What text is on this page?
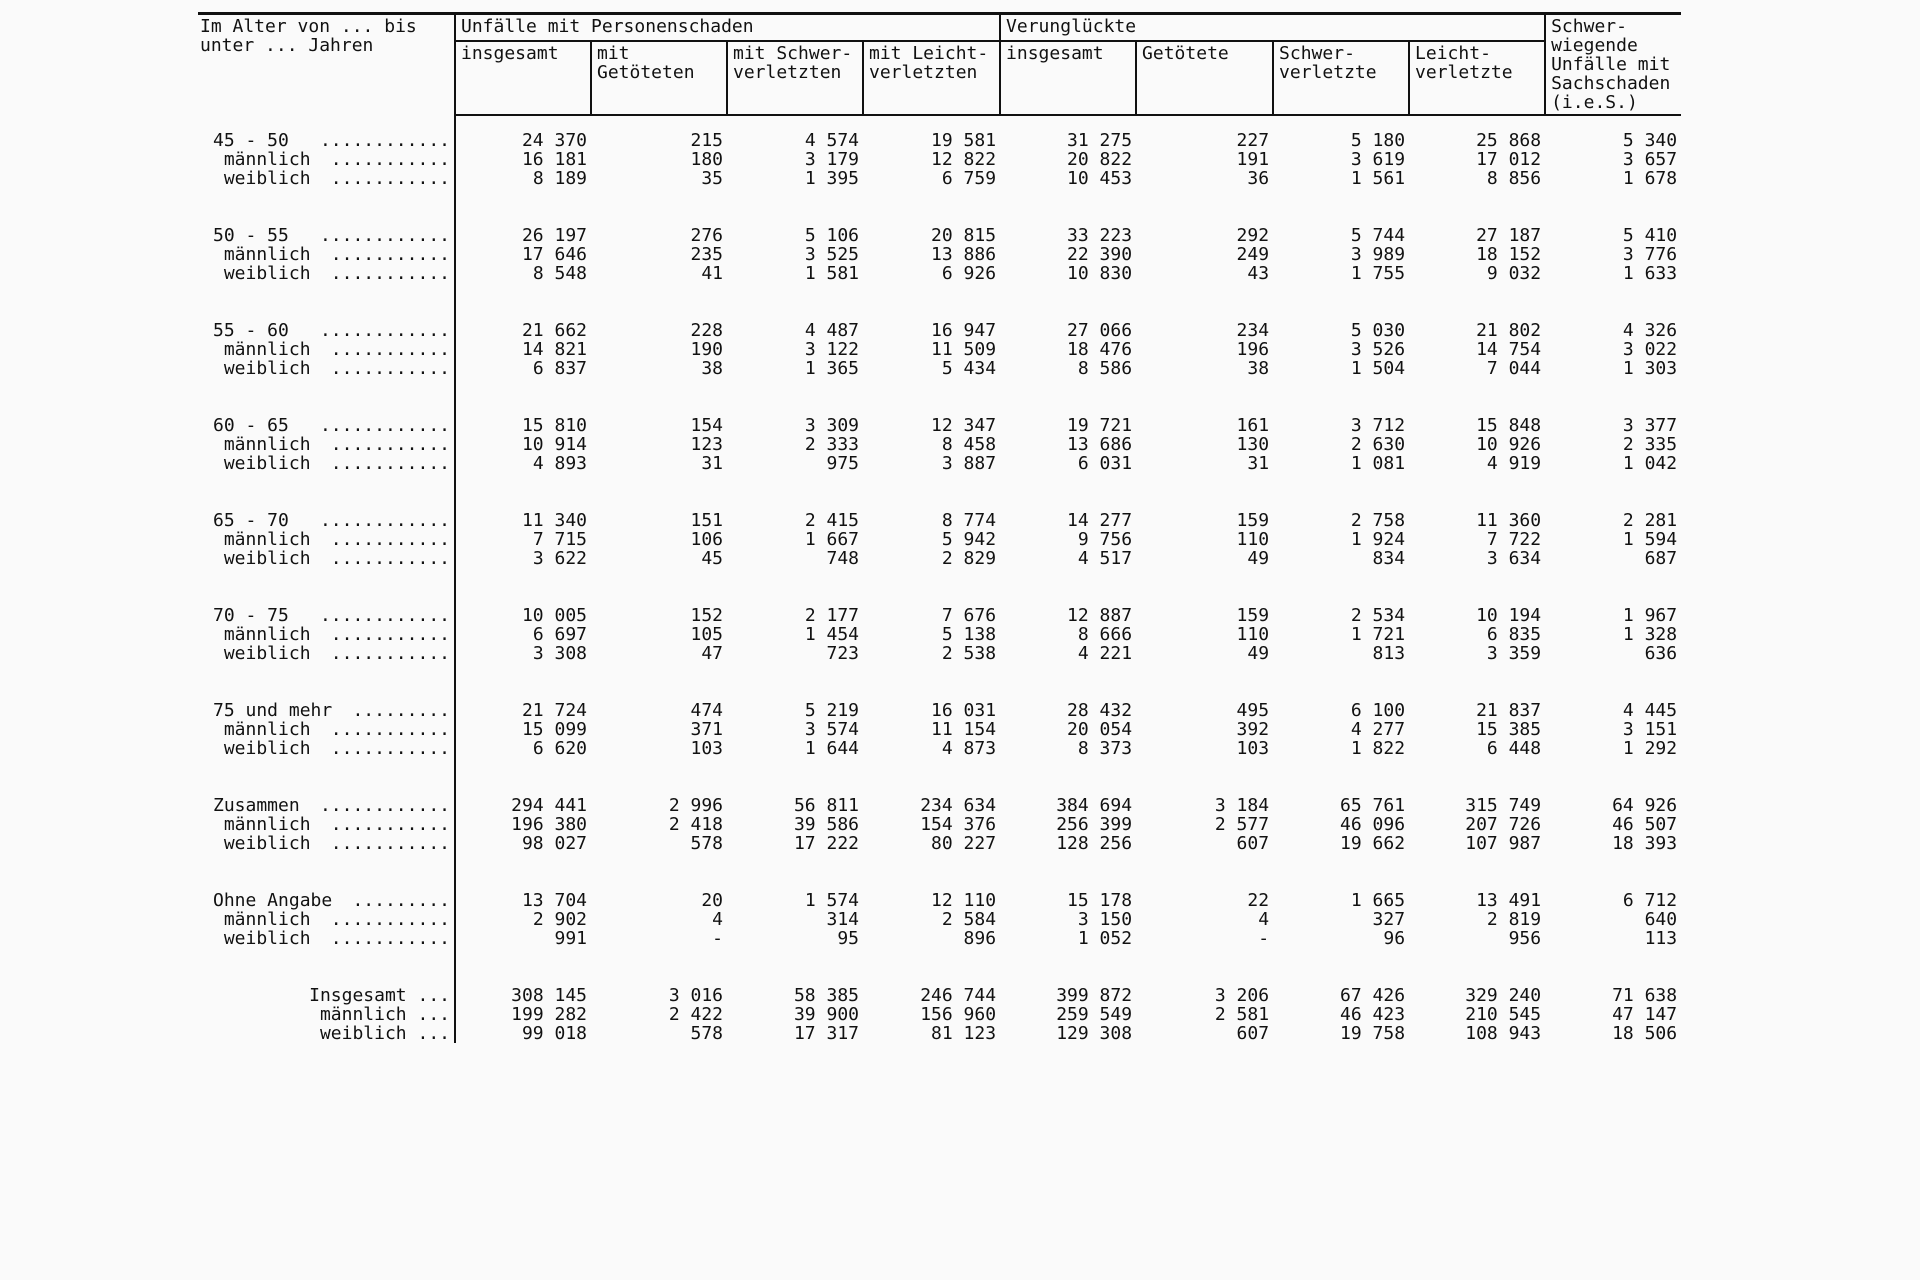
Im Alter von ... bis unter ... Jahren	Unfälle mit Personenschaden				Verunglückte				Schwer-wiegende Unfälle mit Sachschaden (i.e.S.)
	insgesamt	mit Getöteten	mit Schwer-verletzten	mit Leicht-verletzten	insgesamt	Getötete	Schwer-verletzte	Leicht-verletzte	

45 - 50 ............	24 370	215	4 574	19 581	31 275	227	5 180	25 868	5 340
männlich ...........	16 181	180	3 179	12 822	20 822	191	3 619	17 012	3 657
weiblich ...........	8 189	35	1 395	6 759	10 453	36	1 561	8 856	1 678

50 - 55 ............	26 197	276	5 106	20 815	33 223	292	5 744	27 187	5 410
männlich ...........	17 646	235	3 525	13 886	22 390	249	3 989	18 152	3 776
weiblich ...........	8 548	41	1 581	6 926	10 830	43	1 755	9 032	1 633

55 - 60 ............	21 662	228	4 487	16 947	27 066	234	5 030	21 802	4 326
männlich ...........	14 821	190	3 122	11 509	18 476	196	3 526	14 754	3 022
weiblich ...........	6 837	38	1 365	5 434	8 586	38	1 504	7 044	1 303

60 - 65 ............	15 810	154	3 309	12 347	19 721	161	3 712	15 848	3 377
männlich ...........	10 914	123	2 333	8 458	13 686	130	2 630	10 926	2 335
weiblich ...........	4 893	31	975	3 887	6 031	31	1 081	4 919	1 042

65 - 70 ............	11 340	151	2 415	8 774	14 277	159	2 758	11 360	2 281
männlich ...........	7 715	106	1 667	5 942	9 756	110	1 924	7 722	1 594
weiblich ...........	3 622	45	748	2 829	4 517	49	834	3 634	687

70 - 75 ............	10 005	152	2 177	7 676	12 887	159	2 534	10 194	1 967
männlich ...........	6 697	105	1 454	5 138	8 666	110	1 721	6 835	1 328
weiblich ...........	3 308	47	723	2 538	4 221	49	813	3 359	636

75 und mehr .........	21 724	474	5 219	16 031	28 432	495	6 100	21 837	4 445
männlich ...........	15 099	371	3 574	11 154	20 054	392	4 277	15 385	3 151
weiblich ...........	6 620	103	1 644	4 873	8 373	103	1 822	6 448	1 292

Zusammen ............	294 441	2 996	56 811	234 634	384 694	3 184	65 761	315 749	64 926
männlich ...........	196 380	2 418	39 586	154 376	256 399	2 577	46 096	207 726	46 507
weiblich ...........	98 027	578	17 222	80 227	128 256	607	19 662	107 987	18 393

Ohne Angabe .........	13 704	20	1 574	12 110	15 178	22	1 665	13 491	6 712
männlich ...........	2 902	4	314	2 584	3 150	4	327	2 819	640
weiblich ...........	991	-	95	896	1 052	-	96	956	113

Insgesamt ...	308 145	3 016	58 385	246 744	399 872	3 206	67 426	329 240	71 638
männlich ...	199 282	2 422	39 900	156 960	259 549	2 581	46 423	210 545	47 147
weiblich ...	99 018	578	17 317	81 123	129 308	607	19 758	108 943	18 506
